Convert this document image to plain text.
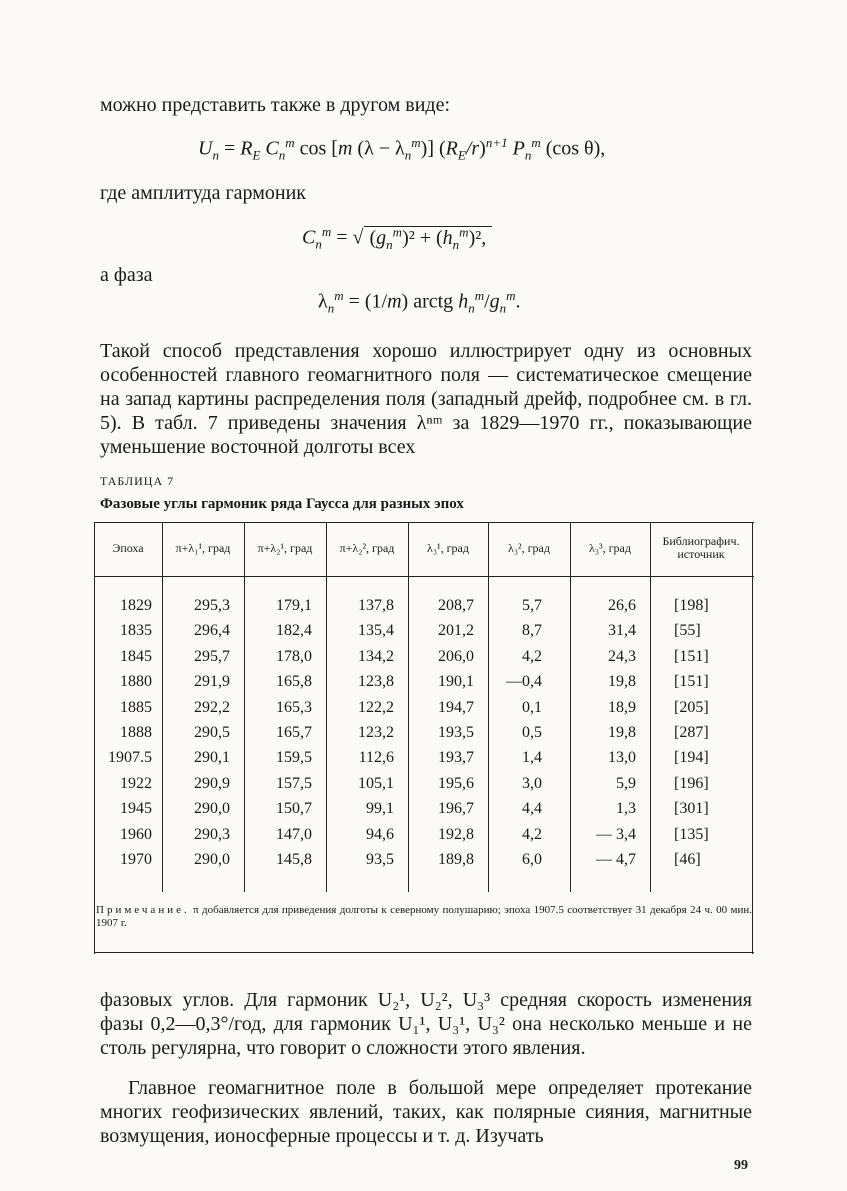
можно представить также в другом виде:
$U_n = R_E$ $C_n^m$ cos [m $(\lambda - \lambda_n^m)$] $(R_E/r)^{n+1}$ $P_n^m$ (cos θ),
где амплитуда гармоник
$C_n^m$ = √ $(g_n^m)^2 + (h_n^m)^2$,
а фаза
$\lambda_n^m = (1/m)$ arctg $h_n^m/g_n^m$.

Такой способ представления хорошо иллюстрирует одну из основных особенностей главного геомагнитного поля — систематическое смещение на запад картины распределения поля (западный дрейф, подробнее см. в гл. 5). В табл. 7 приведены значения λⁿᵐ за 1829—1970 гг., показывающие уменьшение восточной долготы всех

ТАБЛИЦА 7
Фазовые углы гармоник ряда Гаусса для разных эпох
Эпоха	π+λ₁¹, град	π+λ₂¹, град	π+λ₂², град	λ₃¹, град	λ₃², град	λ₃³, град	Библиографич. источник
1829	295,3	179,1	137,8	208,7	5,7	26,6	[198]
1835	296,4	182,4	135,4	201,2	8,7	31,4	[55]
1845	295,7	178,0	134,2	206,0	4,2	24,3	[151]
1880	291,9	165,8	123,8	190,1	—0,4	19,8	[151]
1885	292,2	165,3	122,2	194,7	0,1	18,9	[205]
1888	290,5	165,7	123,2	193,5	0,5	19,8	[287]
1907.5	290,1	159,5	112,6	193,7	1,4	13,0	[194]
1922	290,9	157,5	105,1	195,6	3,0	5,9	[196]
1945	290,0	150,7	99,1	196,7	4,4	1,3	[301]
1960	290,3	147,0	94,6	192,8	4,2	— 3,4	[135]
1970	290,0	145,8	93,5	189,8	6,0	— 4,7	[46]
Примечание. π добавляется для приведения долготы к северному полушарию; эпоха 1907.5 соответствует 31 декабря 24 ч. 00 мин. 1907 г.

фазовых углов. Для гармоник U₂¹, U₂², U₃³ средняя скорость изменения фазы 0,2—0,3°/год, для гармоник U₁¹, U₃¹, U₃² она несколько меньше и не столь регулярна, что говорит о сложности этого явления.

Главное геомагнитное поле в большой мере определяет протекание многих геофизических явлений, таких, как полярные сияния, магнитные возмущения, ионосферные процессы и т. д. Изучать

99
